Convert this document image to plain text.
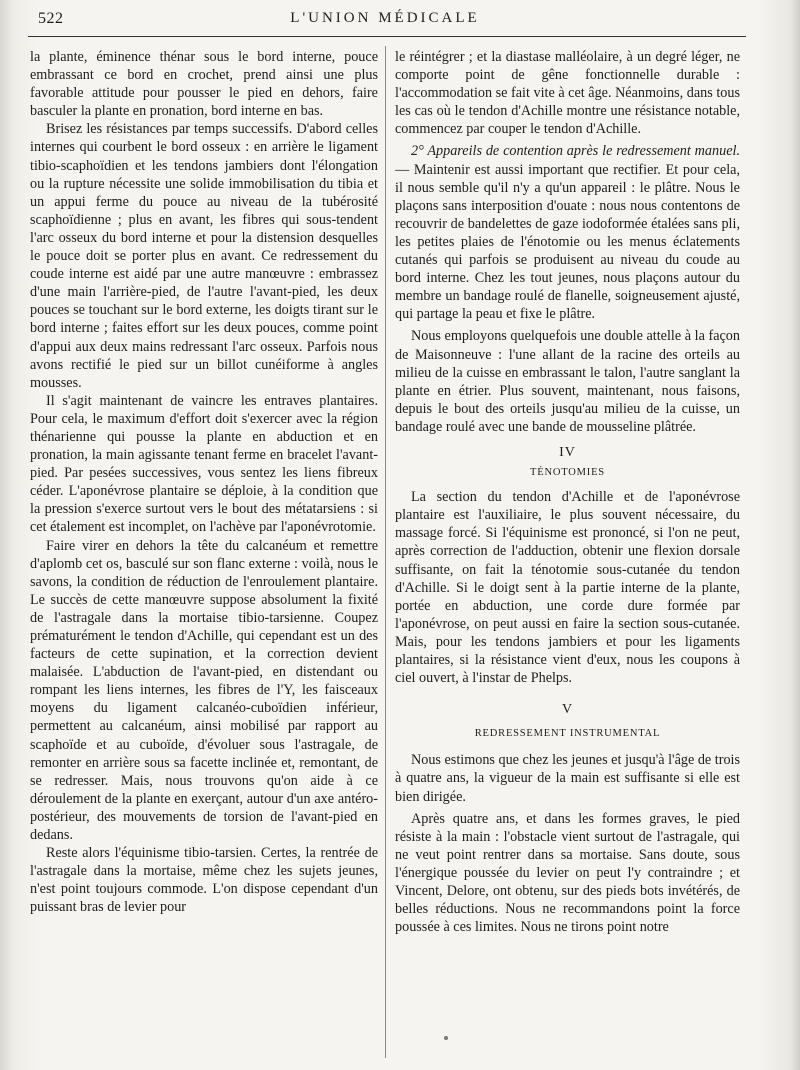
522	L'UNION MÉDICALE

la plante, éminence thénar sous le bord interne, pouce embrassant ce bord en crochet, prend ainsi une plus favorable attitude pour pousser le pied en dehors, faire basculer la plante en pronation, bord interne en bas.

Brisez les résistances par temps successifs. D'abord celles internes qui courbent le bord osseux : en arrière le ligament tibio-scaphoïdien et les tendons jambiers dont l'élongation ou la rupture nécessite une solide immobilisation du tibia et un appui ferme du pouce au niveau de la tubérosité scaphoïdienne ; plus en avant, les fibres qui sous-tendent l'arc osseux du bord interne et pour la distension desquelles le pouce doit se porter plus en avant. Ce redressement du coude interne est aidé par une autre manœuvre : embrassez d'une main l'arrière-pied, de l'autre l'avant-pied, les deux pouces se touchant sur le bord externe, les doigts tirant sur le bord interne ; faites effort sur les deux pouces, comme point d'appui aux deux mains redressant l'arc osseux. Parfois nous avons rectifié le pied sur un billot cunéiforme à angles mousses.

Il s'agit maintenant de vaincre les entraves plantaires. Pour cela, le maximum d'effort doit s'exercer avec la région thénarienne qui pousse la plante en abduction et en pronation, la main agissante tenant ferme en bracelet l'avant-pied. Par pesées successives, vous sentez les liens fibreux céder. L'aponévrose plantaire se déploie, à la condition que la pression s'exerce surtout vers le bout des métatarsiens : si cet étalement est incomplet, on l'achève par l'aponévrotomie.

Faire virer en dehors la tête du calcanéum et remettre d'aplomb cet os, basculé sur son flanc externe : voilà, nous le savons, la condition de réduction de l'enroulement plantaire. Le succès de cette manœuvre suppose absolument la fixité de l'astragale dans la mortaise tibio-tarsienne. Coupez prématurément le tendon d'Achille, qui cependant est un des facteurs de cette supination, et la correction devient malaisée. L'abduction de l'avant-pied, en distendant ou rompant les liens internes, les fibres de l'Y, les faisceaux moyens du ligament calcanéo-cuboïdien inférieur, permettent au calcanéum, ainsi mobilisé par rapport au scaphoïde et au cuboïde, d'évoluer sous l'astragale, de remonter en arrière sous sa facette inclinée et, remontant, de se redresser. Mais, nous trouvons qu'on aide à ce déroulement de la plante en exerçant, autour d'un axe antéro-postérieur, des mouvements de torsion de l'avant-pied en dedans.

Reste alors l'équinisme tibio-tarsien. Certes, la rentrée de l'astragale dans la mortaise, même chez les sujets jeunes, n'est point toujours commode. L'on dispose cependant d'un puissant bras de levier pour

le réintégrer ; et la diastase malléolaire, à un degré léger, ne comporte point de gêne fonctionnelle durable : l'accommodation se fait vite à cet âge. Néanmoins, dans tous les cas où le tendon d'Achille montre une résistance notable, commencez par couper le tendon d'Achille.

2° Appareils de contention après le redressement manuel. — Maintenir est aussi important que rectifier. Et pour cela, il nous semble qu'il n'y a qu'un appareil : le plâtre. Nous le plaçons sans interposition d'ouate : nous nous contentons de recouvrir de bandelettes de gaze iodoformée étalées sans pli, les petites plaies de l'énotomie ou les menus éclatements cutanés qui parfois se produisent au niveau du coude au bord interne. Chez les tout jeunes, nous plaçons autour du membre un bandage roulé de flanelle, soigneusement ajusté, qui partage la peau et fixe le plâtre.

Nous employons quelquefois une double attelle à la façon de Maisonneuve : l'une allant de la racine des orteils au milieu de la cuisse en embrassant le talon, l'autre sanglant la plante en étrier. Plus souvent, maintenant, nous faisons, depuis le bout des orteils jusqu'au milieu de la cuisse, un bandage roulé avec une bande de mousseline plâtrée.

IV
TÉNOTOMIES

La section du tendon d'Achille et de l'aponévrose plantaire est l'auxiliaire, le plus souvent nécessaire, du massage forcé. Si l'équinisme est prononcé, si l'on ne peut, après correction de l'adduction, obtenir une flexion dorsale suffisante, on fait la ténotomie sous-cutanée du tendon d'Achille. Si le doigt sent à la partie interne de la plante, portée en abduction, une corde dure formée par l'aponévrose, on peut aussi en faire la section sous-cutanée. Mais, pour les tendons jambiers et pour les ligaments plantaires, si la résistance vient d'eux, nous les coupons à ciel ouvert, à l'instar de Phelps.

V
REDRESSEMENT INSTRUMENTAL

Nous estimons que chez les jeunes et jusqu'à l'âge de trois à quatre ans, la vigueur de la main est suffisante si elle est bien dirigée.

Après quatre ans, et dans les formes graves, le pied résiste à la main : l'obstacle vient surtout de l'astragale, qui ne veut point rentrer dans sa mortaise. Sans doute, sous l'énergique poussée du levier on peut l'y contraindre ; et Vincent, Delore, ont obtenu, sur des pieds bots invétérés, de belles réductions. Nous ne recommandons point la force poussée à ces limites. Nous ne tirons point notre
